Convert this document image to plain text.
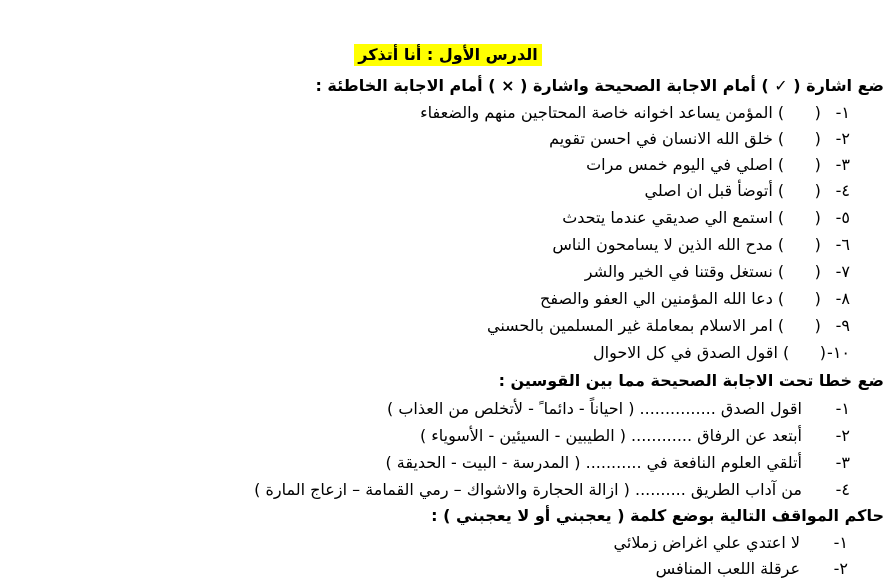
الدرس الأول : أنا أتذكر
ضع اشارة ( ✓ ) أمام الاجابة الصحيحة واشارة ( × ) أمام الاجابة الخاطئة :
١-
(      )
المؤمن يساعد اخوانه خاصة المحتاجين منهم والضعفاء
٢-
(      )
خلق الله الانسان في احسن تقويم
٣-
(      )
اصلي في اليوم خمس مرات
٤-
(      )
أتوضأ قبل ان اصلي
٥-
(      )
استمع الي صديقي عندما يتحدث
٦-
(      )
مدح الله الذين لا يسامحون الناس
٧-
(      )
نستغل وقتنا في الخير والشر
٨-
(      )
دعا الله المؤمنين الي العفو والصفح
٩-
(      )
امر الاسلام بمعاملة غير المسلمين بالحسني
١٠-
(      )
اقول الصدق في كل الاحوال
ضع خطا تحت الاجابة الصحيحة مما بين القوسين :
١-
اقول الصدق ............... ( احياناً - دائما ً - لأتخلص من العذاب )
٢-
أبتعد عن الرفاق ............ ( الطيبين - السيئين - الأسوياء )
٣-
أتلقي العلوم النافعة في ........... ( المدرسة - البيت - الحديقة )
٤-
من آداب الطريق .......... ( ازالة الحجارة والاشواك – رمي القمامة – ازعاج المارة )
حاكم المواقف التالية بوضع كلمة ( يعجبني أو لا يعجبني ) :
١-
لا اعتدي علي اغراض زملائي
٢-
عرقلة اللعب المنافس
